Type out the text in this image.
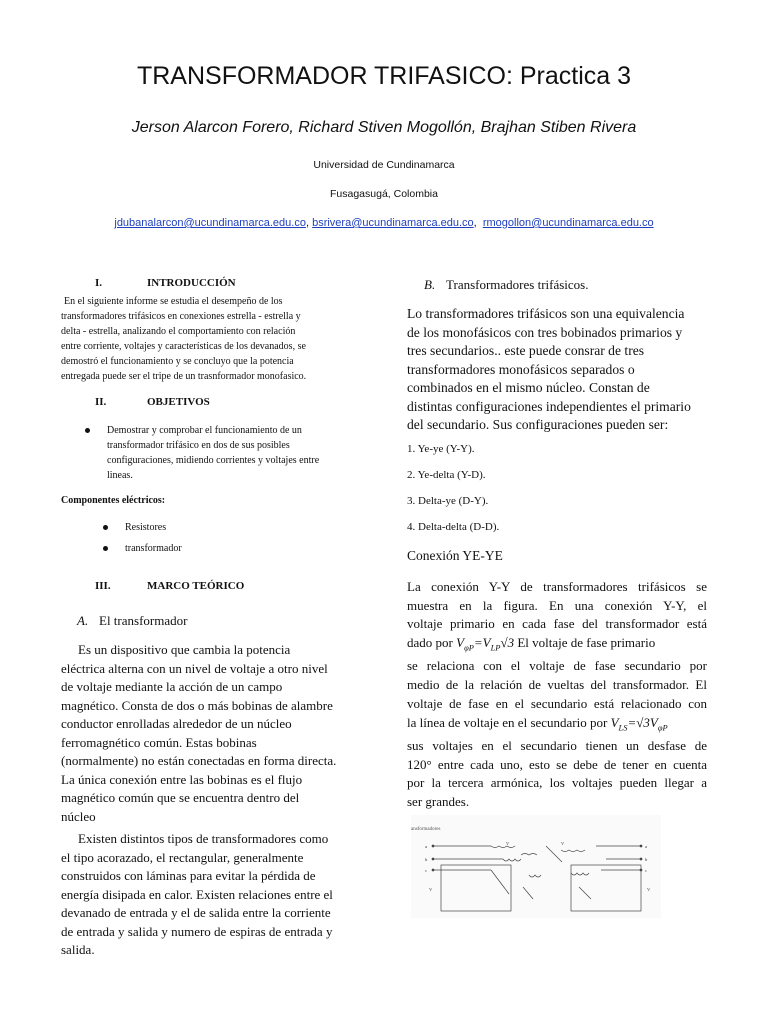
TRANSFORMADOR TRIFASICO: Practica 3
Jerson Alarcon Forero, Richard Stiven Mogollón, Brajhan Stiben Rivera
Universidad de Cundinamarca
Fusagasugá, Colombia
jdubanalarcon@ucundinamarca.edu.co, bsrivera@ucundinamarca.edu.co,  rmogollon@ucundinamarca.edu.co
I.	INTRODUCCIÓN
En el siguiente informe se estudia el desempeño de los
transformadores trifásicos en conexiones estrella - estrella y
delta - estrella, analizando el comportamiento con relación
entre corriente, voltajes y características de los devanados, se
demostró el funcionamiento y se concluyo que la potencia
entregada puede ser el tripe de un trasnformador monofasico.
II.	OBJETIVOS
Demostrar y comprobar el funcionamiento de un
transformador trifásico en dos de sus posibles
configuraciones, midiendo corrientes y voltajes entre
lineas.
Componentes eléctricos:
Resistores
transformador
III.	MARCO TEÓRICO
A. El transformador
Es un dispositivo que cambia la potencia
eléctrica alterna con un nivel de voltaje a otro nivel
de voltaje mediante la acción de un campo
magnético. Consta de dos o más bobinas de alambre
conductor enrolladas alrededor de un núcleo
ferromagnético común. Estas bobinas
(normalmente) no están conectadas en forma directa.
La única conexión entre las bobinas es el flujo
magnético común que se encuentra dentro del
núcleo
Existen distintos tipos de transformadores como
el tipo acorazado, el rectangular, generalmente
construidos con láminas para evitar la pérdida de
energía disipada en calor. Existen relaciones entre el
devanado de entrada y el de salida entre la corriente
de entrada y salida y numero de espiras de entrada y
salida.
B. Transformadores trifásicos.
Lo transformadores trifásicos son una equivalencia
de los monofásicos con tres bobinados primarios y
tres secundarios.. este puede consrar de tres
transformadores monofásicos separados o
combinados en el mismo núcleo. Constan de
distintas configuraciones independientes el primario
del secundario. Sus configuraciones pueden ser:
1. Ye-ye (Y-Y).
2. Ye-delta (Y-D).
3. Delta-ye (D-Y).
4. Delta-delta (D-D).
Conexión YE-YE
La conexión Y-Y de transformadores trifásicos se
muestra en la figura. En una conexión Y-Y, el
voltaje primario en cada fase del transformador está
dado por $V_{\varphi P}=V_{LP}√3$ El voltaje de fase primario
se relaciona con el voltaje de fase secundario por
medio de la relación de vueltas del transformador. El
voltaje de fase en el secundario está relacionado con
la línea de voltaje en el secundario por $V_{LS}=√3V_{\varphi P}$
sus voltajes en el secundario tienen un desfase de
120° entre cada uno, esto se debe de tener en cuenta
por la tercera armónica, los voltajes pueden llegar a
ser grandes.
ansformadores
a
b
c
V
V	V
a
b
c
V
